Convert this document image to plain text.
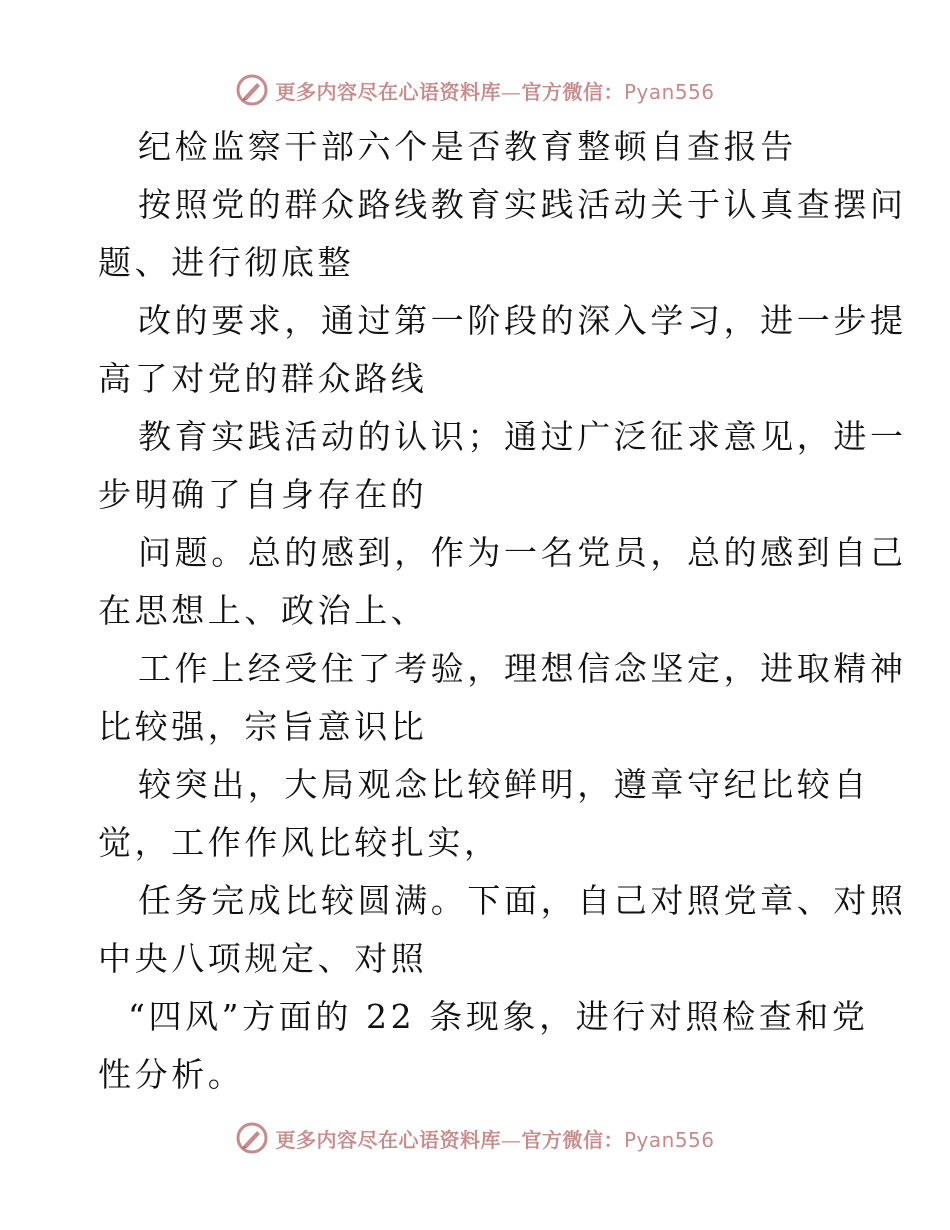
更多内容尽在心语资料库—官方微信：Pyan556
纪检监察干部六个是否教育整顿自查报告
按照党的群众路线教育实践活动关于认真查摆问
题、进行彻底整
改的要求，通过第一阶段的深入学习，进一步提
高了对党的群众路线
教育实践活动的认识；通过广泛征求意见，进一
步明确了自身存在的
问题。总的感到，作为一名党员，总的感到自己
在思想上、政治上、
工作上经受住了考验，理想信念坚定，进取精神
比较强，宗旨意识比
较突出，大局观念比较鲜明，遵章守纪比较自
觉，工作作风比较扎实，
任务完成比较圆满。下面，自己对照党章、对照
中央八项规定、对照
“四风”方面的 22 条现象，进行对照检查和党
性分析。
更多内容尽在心语资料库—官方微信：Pyan556
